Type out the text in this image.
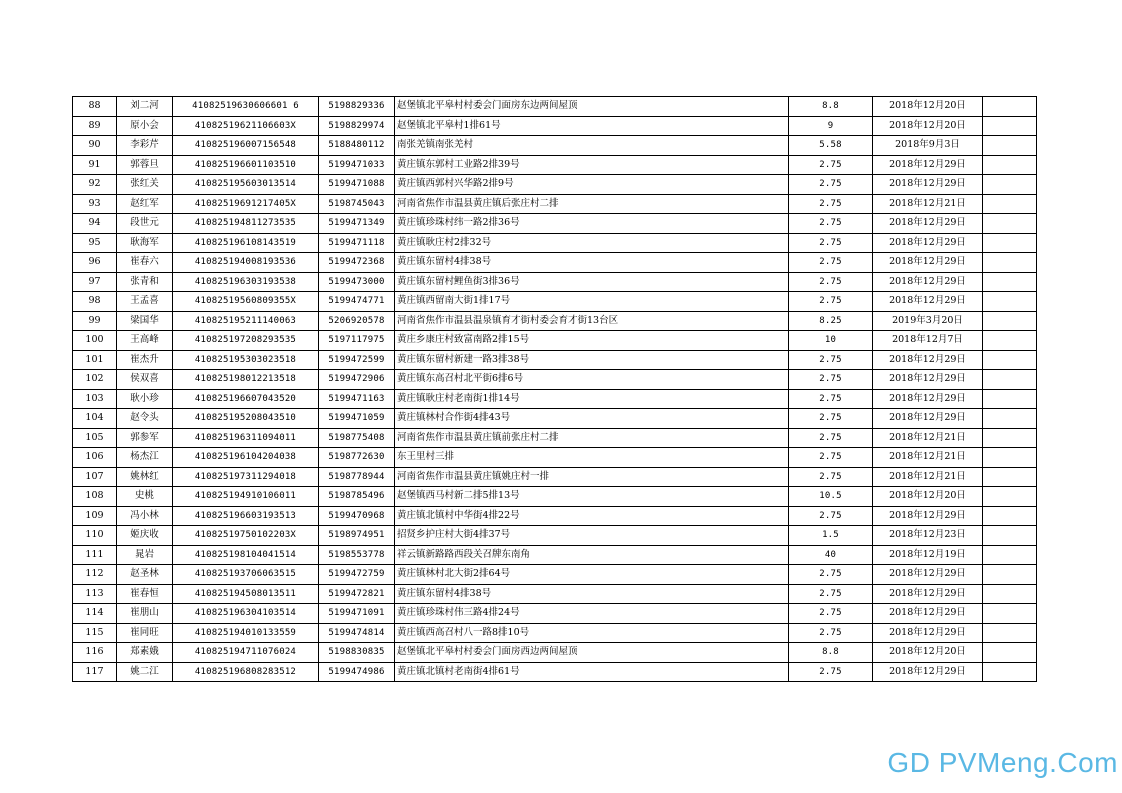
88	刘二河	41082519630606601 6	5198829336	赵堡镇北平皋村村委会门面房东边两间屋顶	8.8	2018年12月20日	
89	原小会	41082519621106603X	5198829974	赵堡镇北平皋村1排61号	9	2018年12月20日	
90	李彩芹	410825196007156548	5188480112	南张羌镇南张羌村	5.58	2018年9月3日	
91	郭蓉旦	410825196601103510	5199471033	黄庄镇东郭村工业路2排39号	2.75	2018年12月29日	
92	张红关	410825195603013514	5199471088	黄庄镇西郭村兴华路2排9号	2.75	2018年12月29日	
93	赵红军	41082519691217405X	5198745043	河南省焦作市温县黄庄镇后张庄村二排	2.75	2018年12月21日	
94	段世元	410825194811273535	5199471349	黄庄镇珍珠村纬一路2排36号	2.75	2018年12月29日	
95	耿海军	410825196108143519	5199471118	黄庄镇耿庄村2排32号	2.75	2018年12月29日	
96	崔春六	410825194008193536	5199472368	黄庄镇东留村4排38号	2.75	2018年12月29日	
97	张青和	410825196303193538	5199473000	黄庄镇东留村鲤鱼街3排36号	2.75	2018年12月29日	
98	王孟喜	41082519560809355X	5199474771	黄庄镇西留南大街1排17号	2.75	2018年12月29日	
99	梁国华	410825195211140063	5206920578	河南省焦作市温县温泉镇育才街村委会育才街13台区	8.25	2019年3月20日	
100	王高峰	410825197208293535	5197117975	黄庄乡康庄村致富南路2排15号	10	2018年12月7日	
101	崔杰升	410825195303023518	5199472599	黄庄镇东留村新建一路3排38号	2.75	2018年12月29日	
102	侯双喜	410825198012213518	5199472906	黄庄镇东高召村北平街6排6号	2.75	2018年12月29日	
103	耿小珍	410825196607043520	5199471163	黄庄镇耿庄村老南街1排14号	2.75	2018年12月29日	
104	赵令头	410825195208043510	5199471059	黄庄镇林村合作街4排43号	2.75	2018年12月29日	
105	郭参军	410825196311094011	5198775408	河南省焦作市温县黄庄镇前张庄村二排	2.75	2018年12月21日	
106	杨杰江	410825196104204038	5198772630	东王里村三排	2.75	2018年12月21日	
107	姚林红	410825197311294018	5198778944	河南省焦作市温县黄庄镇姚庄村一排	2.75	2018年12月21日	
108	史桃	410825194910106011	5198785496	赵堡镇西马村新二排5排13号	10.5	2018年12月20日	
109	冯小林	410825196603193513	5199470968	黄庄镇北镇村中华街4排22号	2.75	2018年12月29日	
110	姬庆收	41082519750102203X	5198974951	招贤乡护庄村大街4排37号	1.5	2018年12月23日	
111	晁岩	410825198104041514	5198553778	祥云镇新路路西段关召牌东南角	40	2018年12月19日	
112	赵圣林	410825193706063515	5199472759	黄庄镇林村北大街2排64号	2.75	2018年12月29日	
113	崔春恒	410825194508013511	5199472821	黄庄镇东留村4排38号	2.75	2018年12月29日	
114	崔朋山	410825196304103514	5199471091	黄庄镇珍珠村伟三路4排24号	2.75	2018年12月29日	
115	崔同旺	410825194010133559	5199474814	黄庄镇西高召村八一路8排10号	2.75	2018年12月29日	
116	郑素娥	410825194711076024	5198830835	赵堡镇北平皋村村委会门面房西边两间屋顶	8.8	2018年12月20日	
117	姚二江	410825196808283512	5199474986	黄庄镇北镇村老南街4排61号	2.75	2018年12月29日	
GD PVMeng.Com
